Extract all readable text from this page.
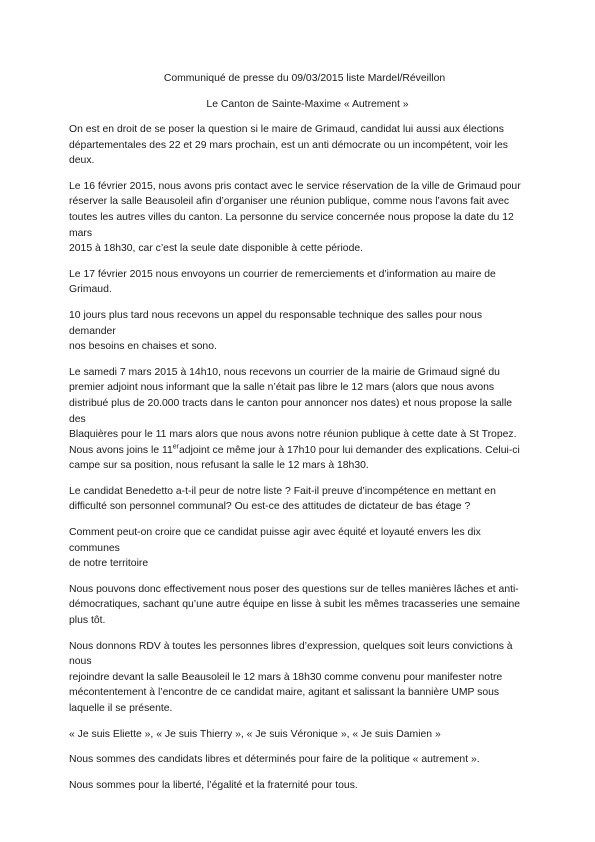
Communiqué de presse du 09/03/2015 liste Mardel/Réveillon
Le Canton de Sainte-Maxime « Autrement »

On est en droit de se poser la question si le maire de Grimaud, candidat lui aussi aux élections
départementales des 22 et 29 mars prochain, est un anti démocrate ou un incompétent, voir les
deux.

Le 16 février 2015, nous avons pris contact avec le service réservation de la ville de Grimaud pour
réserver la salle Beausoleil afin d’organiser une réunion publique, comme nous l’avons fait avec
toutes les autres villes du canton. La personne du service concernée nous propose la date du 12 mars
2015 à 18h30, car c’est la seule date disponible à cette période.

Le 17 février 2015 nous envoyons un courrier de remerciements et d’information au maire de
Grimaud.

10 jours plus tard nous recevons un appel du responsable technique des salles pour nous demander
nos besoins en chaises et sono.

Le samedi 7 mars 2015 à 14h10, nous recevons un courrier de la mairie de Grimaud signé du
premier adjoint nous informant que la salle n’était pas libre le 12 mars (alors que nous avons
distribué plus de 20.000 tracts dans le canton pour annoncer nos dates) et nous propose la salle des
Blaquières pour le 11 mars alors que nous avons notre réunion publique à cette date à St Tropez.
Nous avons joins le 11eradjoint ce même jour à 17h10 pour lui demander des explications. Celui-ci
campe sur sa position, nous refusant la salle le 12 mars à 18h30.

Le candidat Benedetto a-t-il peur de notre liste ? Fait-il preuve d’incompétence en mettant en
difficulté son personnel communal? Ou est-ce des attitudes de dictateur de bas étage ?

Comment peut-on croire que ce candidat puisse agir avec équité et loyauté envers les dix communes
de notre territoire

Nous pouvons donc effectivement nous poser des questions sur de telles manières lâches et anti-
démocratiques, sachant qu’une autre équipe en lisse à subit les mêmes tracasseries une semaine
plus tôt.

Nous donnons RDV à toutes les personnes libres d’expression, quelques soit leurs convictions à nous
rejoindre devant la salle Beausoleil le 12 mars à 18h30 comme convenu pour manifester notre
mécontentement à l’encontre de ce candidat maire, agitant et salissant la bannière UMP sous
laquelle il se présente.

« Je suis Eliette », « Je suis Thierry », « Je suis Véronique », « Je suis Damien »

Nous sommes des candidats libres et déterminés pour faire de la politique « autrement ».

Nous sommes pour la liberté, l’égalité et la fraternité pour tous.
